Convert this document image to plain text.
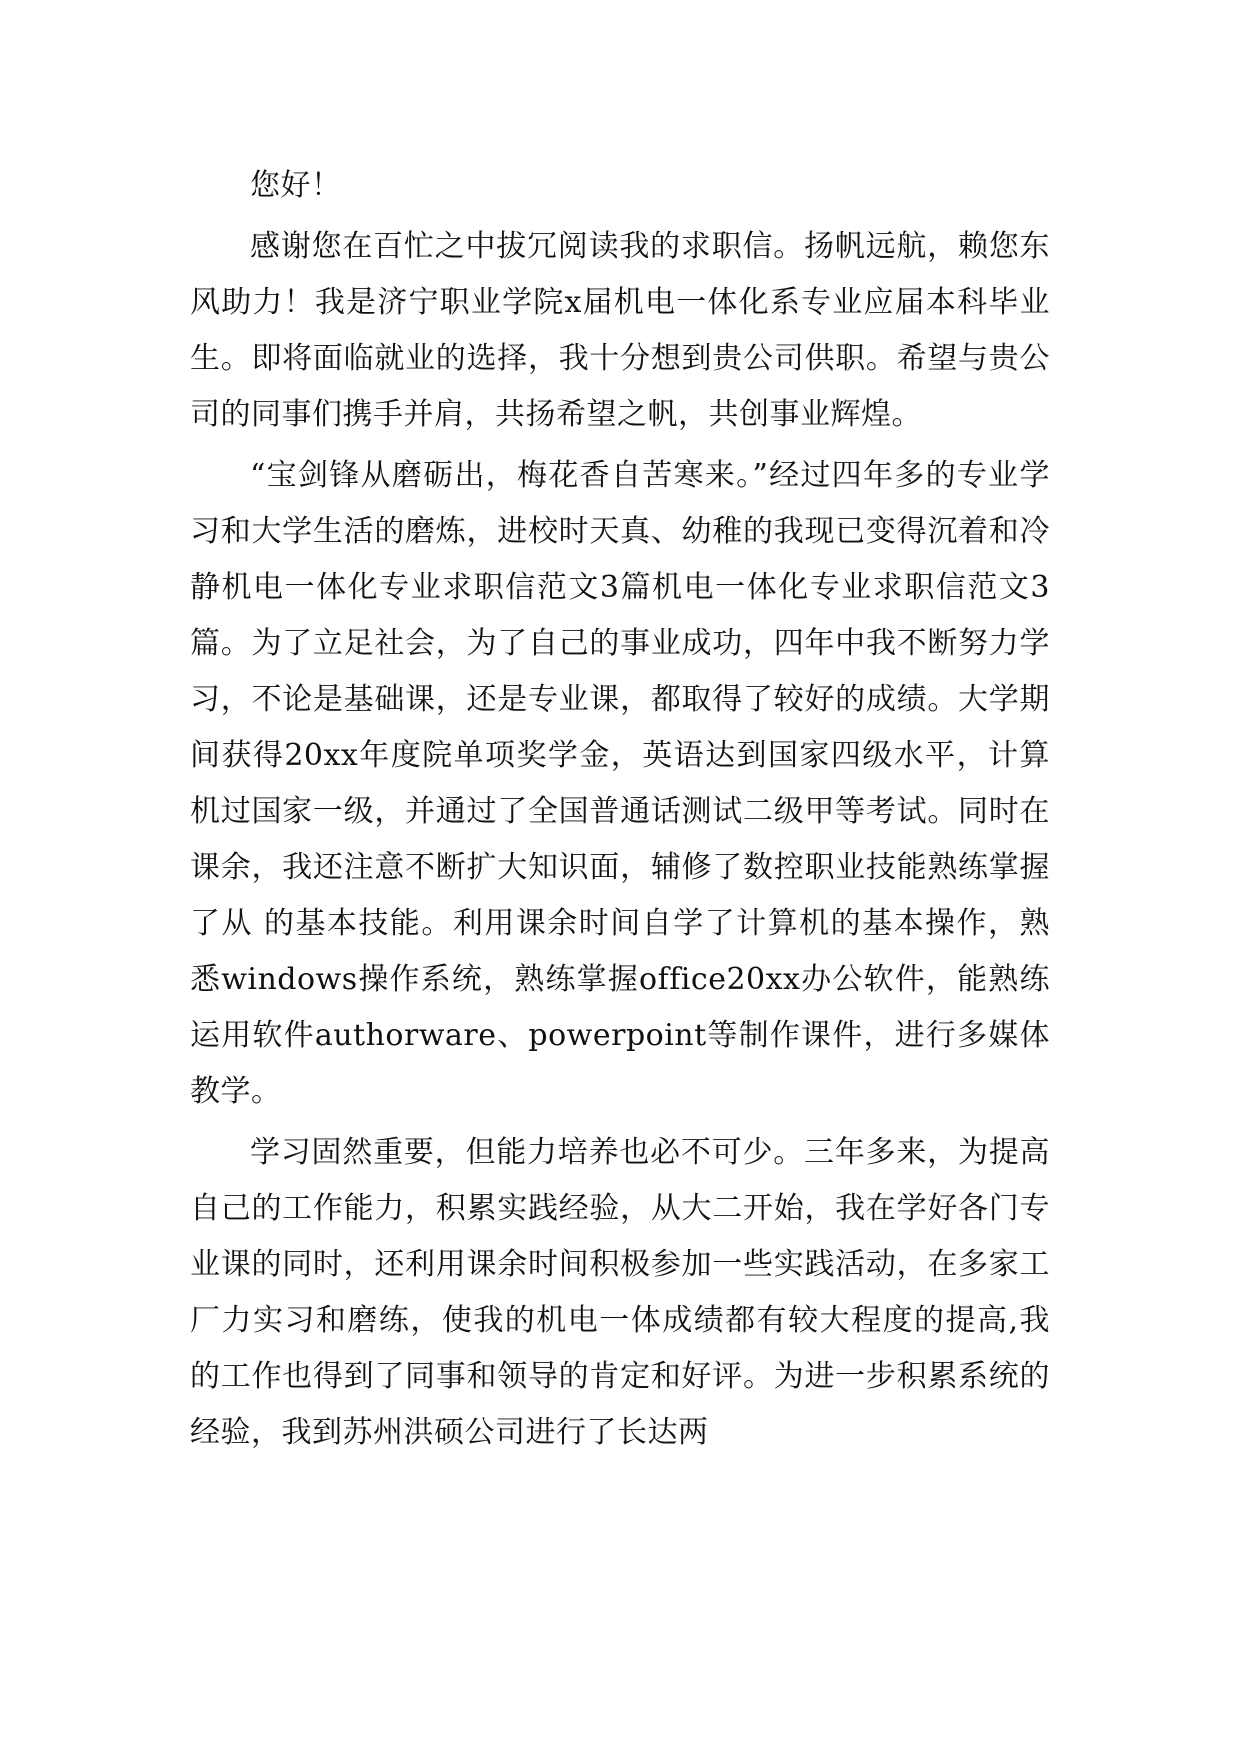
您好！

感谢您在百忙之中拔冗阅读我的求职信。扬帆远航，赖您东风助力！我是济宁职业学院x届机电一体化系专业应届本科毕业生。即将面临就业的选择，我十分想到贵公司供职。希望与贵公司的同事们携手并肩，共扬希望之帆，共创事业辉煌。

“宝剑锋从磨砺出，梅花香自苦寒来。”经过四年多的专业学习和大学生活的磨炼，进校时天真、幼稚的我现已变得沉着和冷静机电一体化专业求职信范文3篇机电一体化专业求职信范文3篇。为了立足社会，为了自己的事业成功，四年中我不断努力学习，不论是基础课，还是专业课，都取得了较好的成绩。大学期间获得20xx年度院单项奖学金，英语达到国家四级水平，计算机过国家一级，并通过了全国普通话测试二级甲等考试。同时在课余，我还注意不断扩大知识面，辅修了数控职业技能熟练掌握了从 的基本技能。利用课余时间自学了计算机的基本操作，熟悉windows操作系统，熟练掌握office20xx办公软件，能熟练运用软件authorware、powerpoint等制作课件，进行多媒体教学。

学习固然重要，但能力培养也必不可少。三年多来，为提高自己的工作能力，积累实践经验，从大二开始，我在学好各门专业课的同时，还利用课余时间积极参加一些实践活动，在多家工厂力实习和磨练，使我的机电一体成绩都有较大程度的提高,我的工作也得到了同事和领导的肯定和好评。为进一步积累系统的经验，我到苏州洪硕公司进行了长达两
